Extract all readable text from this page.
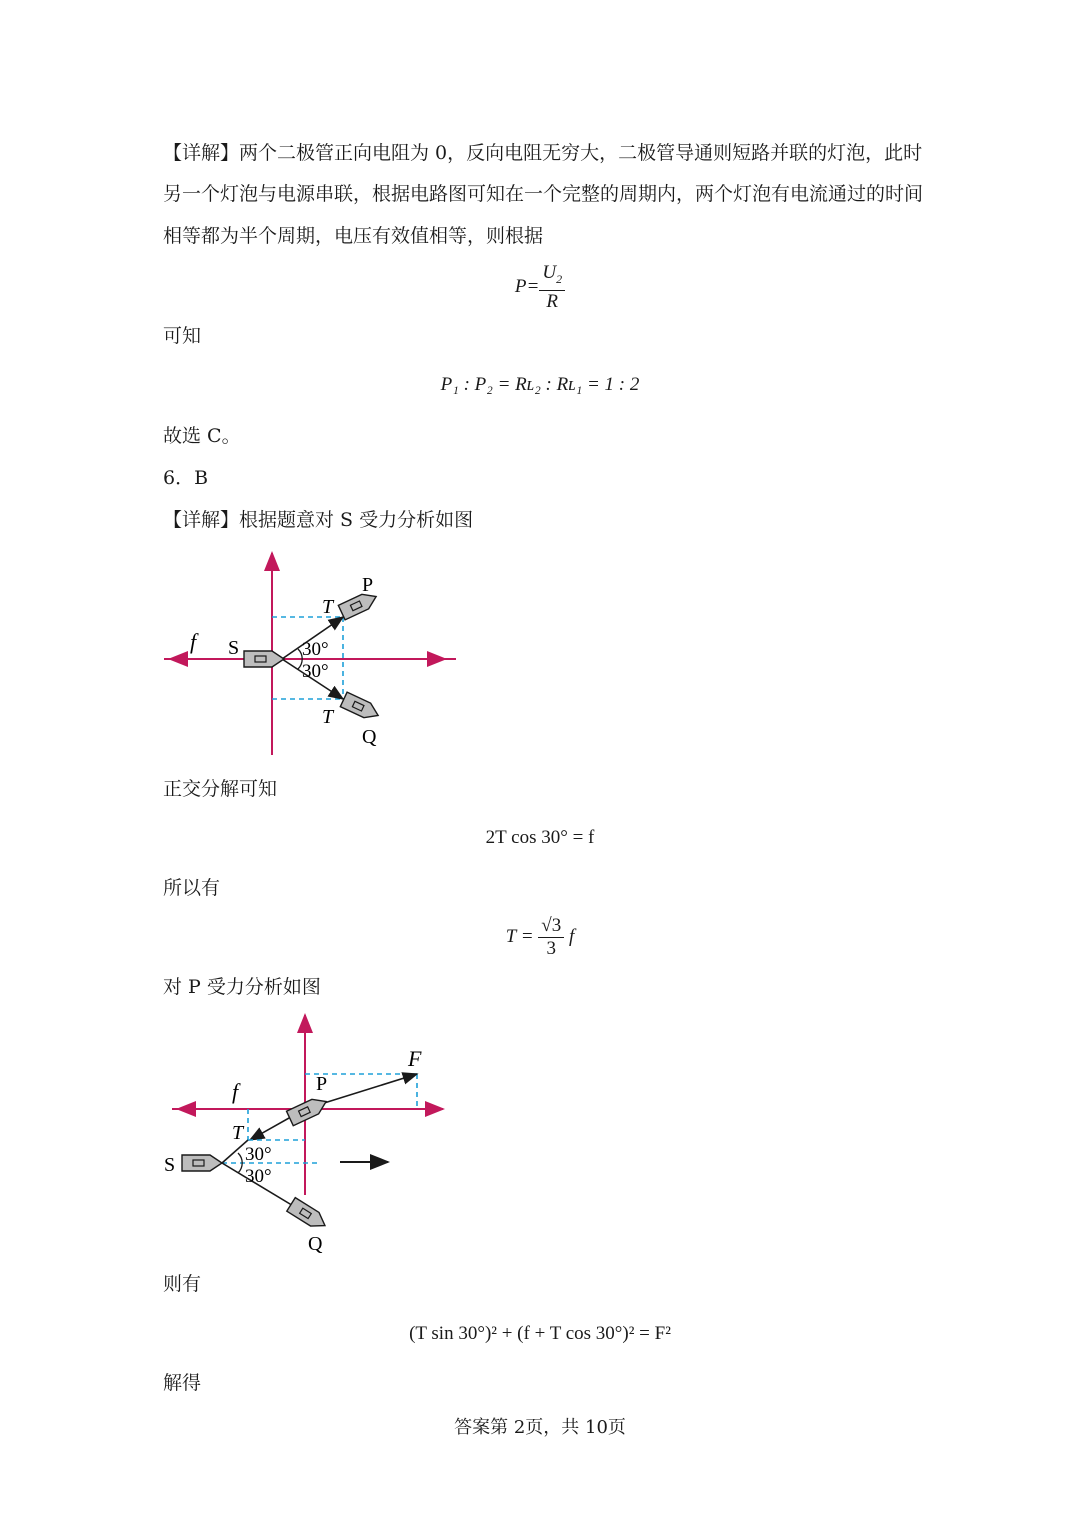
【详解】两个二极管正向电阻为 0，反向电阻无穷大，二极管导通则短路并联的灯泡，此时
另一个灯泡与电源串联，根据电路图可知在一个完整的周期内，两个灯泡有电流通过的时间
相等都为半个周期，电压有效值相等，则根据
$P= \frac{U_2}{R}$
可知
P₁ : P₂ = Rʟ₂ : Rʟ₁ = 1 : 2
故选 C。
6．B
【详解】根据题意对 S 受力分析如图
f S
T
T
P
Q
30°
30°
正交分解可知
2T cos 30° = f
所以有
$T = \frac{√3}{3}$ f
对 P 受力分析如图
F
f	P
T
S
Q
30°
30°
则有
(T sin 30°)² + (f + T cos 30°)² = F²
解得
答案第 2页，共 10页
